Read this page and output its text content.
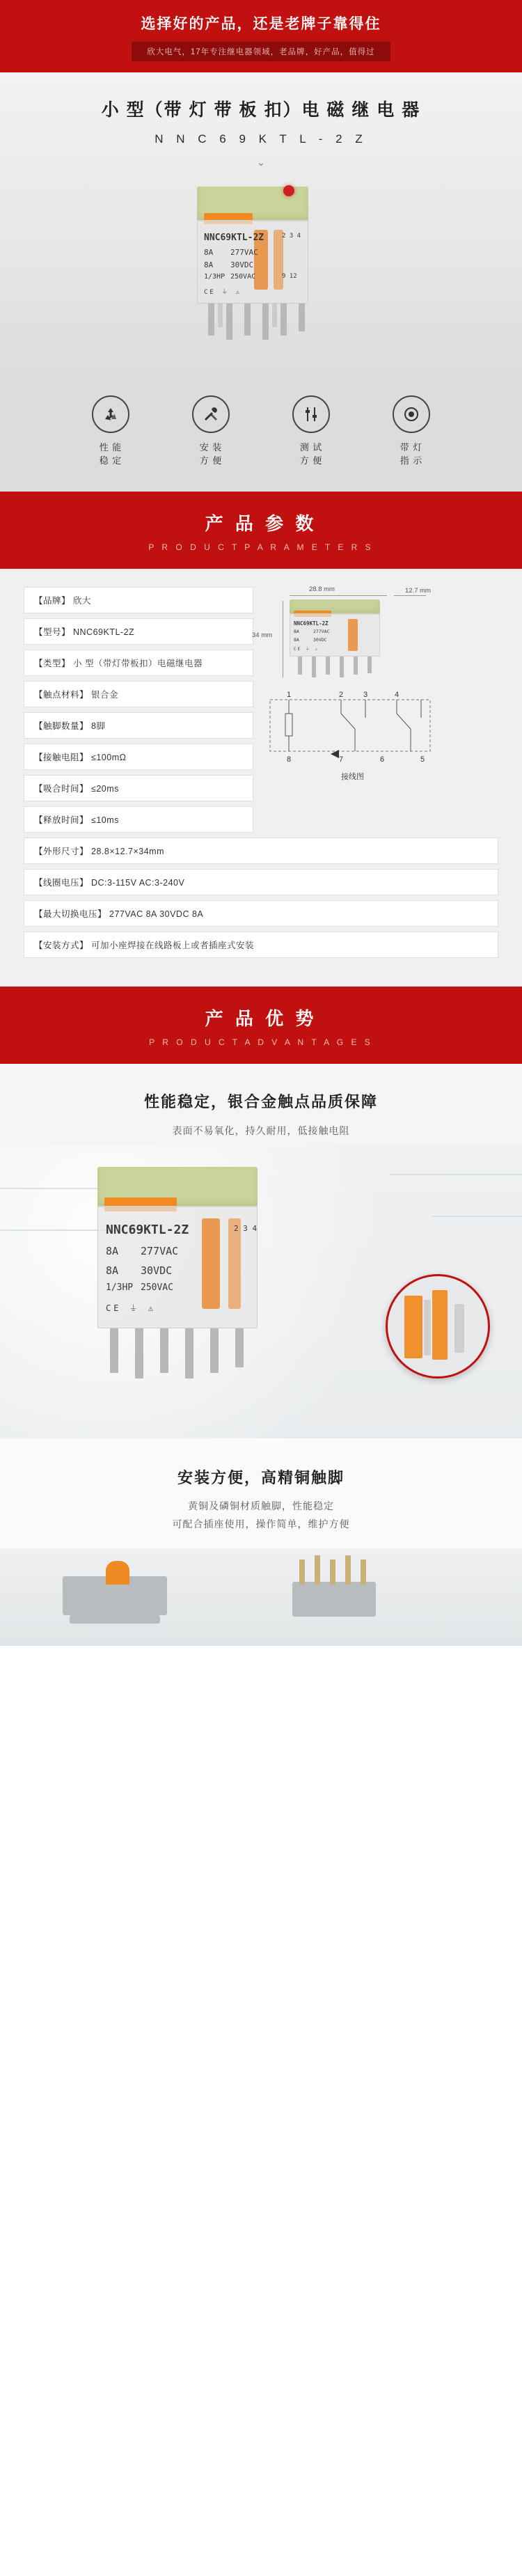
选择好的产品，还是老牌子靠得住
欣大电气，17年专注继电器领域，老品牌，好产品，值得过
小 型（带 灯 带 板 扣）电 磁 继 电 器
N N C 6 9 K T L - 2 Z
⌄
NNC69KTL-2Z
8A 277VAC
8A 30VDC
1/3HP 250VAC
2 3 4
9 12
CE ⏚ ⚠
性 能
稳 定
安 装
方 便
测 试
方 便
带 灯
指 示
产 品 参 数
P R O D U C T P A R A M E T E R S
28.8 mm	12.7 mm
34 mm
NNC69KTL-2Z
8A	277VAC
8A	30VDC
CE ⏚ ⚠
1	2	3	4
8	7	6	5
接线图
【品牌】 欣大
【型号】 NNC69KTL-2Z
【类型】 小 型（带灯带板扣）电磁继电器
【触点材料】 银合金
【触脚数量】 8脚
【接触电阻】 ≤100mΩ
【吸合时间】 ≤20ms
【释放时间】 ≤10ms
【外形尺寸】 28.8×12.7×34mm
【线圈电压】 DC:3-115V AC:3-240V
【最大切换电压】 277VAC 8A 30VDC 8A
【安装方式】 可加小座焊接在线路板上或者插座式安装
产 品 优 势
P R O D U C T A D V A N T A G E S
性能稳定，银合金触点品质保障

表面不易氧化，持久耐用，低接触电阻

NNC69KTL-2Z
8A 277VAC
8A 30VDC
1/3HP 250VAC
2 3 4
CE ⏚ ⚠
安装方便，高精铜触脚

黄铜及磷铜材质触脚，性能稳定
可配合插座使用，操作简单，维护方便
